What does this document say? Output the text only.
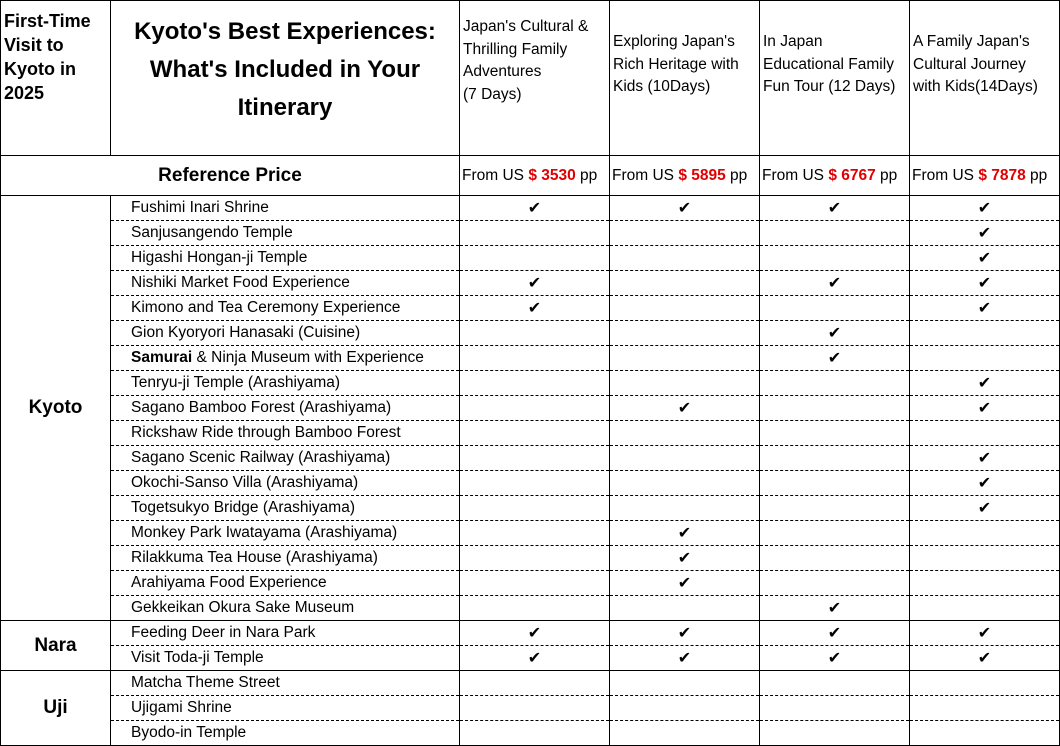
First-Time Visit to Kyoto in 2025	Kyoto's Best Experiences: What's Included in Your Itinerary	Japan's Cultural &
Thrilling Family
Adventures
(7 Days)	Exploring Japan's
Rich Heritage with
Kids (10Days)	In Japan
Educational Family
Fun Tour (12 Days)	A Family Japan's
Cultural Journey
with Kids(14Days)
Reference Price		From US $ 3530 pp	From US $ 5895 pp	From US $ 6767 pp	From US $ 7878 pp
Kyoto	Fushimi Inari Shrine	✔	✔	✔	✔
	Sanjusangendo Temple				✔
	Higashi Hongan-ji Temple				✔
	Nishiki Market Food Experience	✔		✔	✔
	Kimono and Tea Ceremony Experience	✔			✔
	Gion Kyoryori Hanasaki (Cuisine)			✔	
	Samurai & Ninja Museum with Experience			✔	
	Tenryu-ji Temple (Arashiyama)				✔
	Sagano Bamboo Forest (Arashiyama)		✔		✔
	Rickshaw Ride through Bamboo Forest				
	Sagano Scenic Railway (Arashiyama)				✔
	Okochi-Sanso Villa (Arashiyama)				✔
	Togetsukyo Bridge (Arashiyama)				✔
	Monkey Park Iwatayama (Arashiyama)		✔		
	Rilakkuma Tea House (Arashiyama)		✔		
	Arahiyama Food Experience		✔		
	Gekkeikan Okura Sake Museum			✔	
Nara	Feeding Deer in Nara Park	✔	✔	✔	✔
	Visit Toda-ji Temple	✔	✔	✔	✔
Uji	Matcha Theme Street				
	Ujigami Shrine				
	Byodo-in Temple				
